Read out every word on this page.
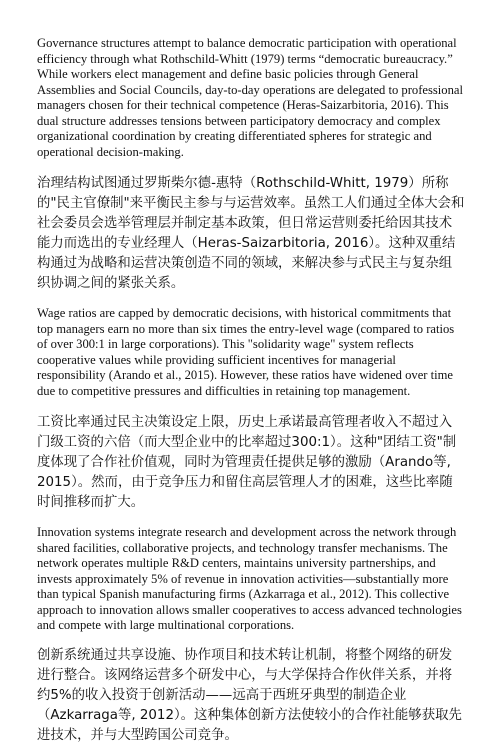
Governance structures attempt to balance democratic participation with operational efficiency through what Rothschild-Whitt (1979) terms “democratic bureaucracy.” While workers elect management and define basic policies through General Assemblies and Social Councils, day-to-day operations are delegated to professional managers chosen for their technical competence (Heras-Saizarbitoria, 2016). This dual structure addresses tensions between participatory democracy and complex organizational coordination by creating differentiated spheres for strategic and operational decision-making.

治理结构试图通过罗斯柴尔德-惠特（Rothschild-Whitt, 1979）所称的"民主官僚制"来平衡民主参与与运营效率。虽然工人们通过全体大会和社会委员会选举管理层并制定基本政策，但日常运营则委托给因其技术能力而选出的专业经理人（Heras-Saizarbitoria, 2016）。这种双重结构通过为战略和运营决策创造不同的领域，来解决参与式民主与复杂组织协调之间的紧张关系。

Wage ratios are capped by democratic decisions, with historical commitments that top managers earn no more than six times the entry-level wage (compared to ratios of over 300:1 in large corporations). This "solidarity wage" system reflects cooperative values while providing sufficient incentives for managerial responsibility (Arando et al., 2015). However, these ratios have widened over time due to competitive pressures and difficulties in retaining top management.

工资比率通过民主决策设定上限，历史上承诺最高管理者收入不超过入门级工资的六倍（而大型企业中的比率超过300:1）。这种"团结工资"制度体现了合作社价值观，同时为管理责任提供足够的激励（Arando等, 2015）。然而，由于竞争压力和留住高层管理人才的困难，这些比率随时间推移而扩大。

Innovation systems integrate research and development across the network through shared facilities, collaborative projects, and technology transfer mechanisms. The network operates multiple R&D centers, maintains university partnerships, and invests approximately 5% of revenue in innovation activities—substantially more than typical Spanish manufacturing firms (Azkarraga et al., 2012). This collective approach to innovation allows smaller cooperatives to access advanced technologies and compete with large multinational corporations.

创新系统通过共享设施、协作项目和技术转让机制，将整个网络的研发进行整合。该网络运营多个研发中心，与大学保持合作伙伴关系，并将约5%的收入投资于创新活动——远高于西班牙典型的制造企业（Azkarraga等, 2012）。这种集体创新方法使较小的合作社能够获取先进技术，并与大型跨国公司竞争。
